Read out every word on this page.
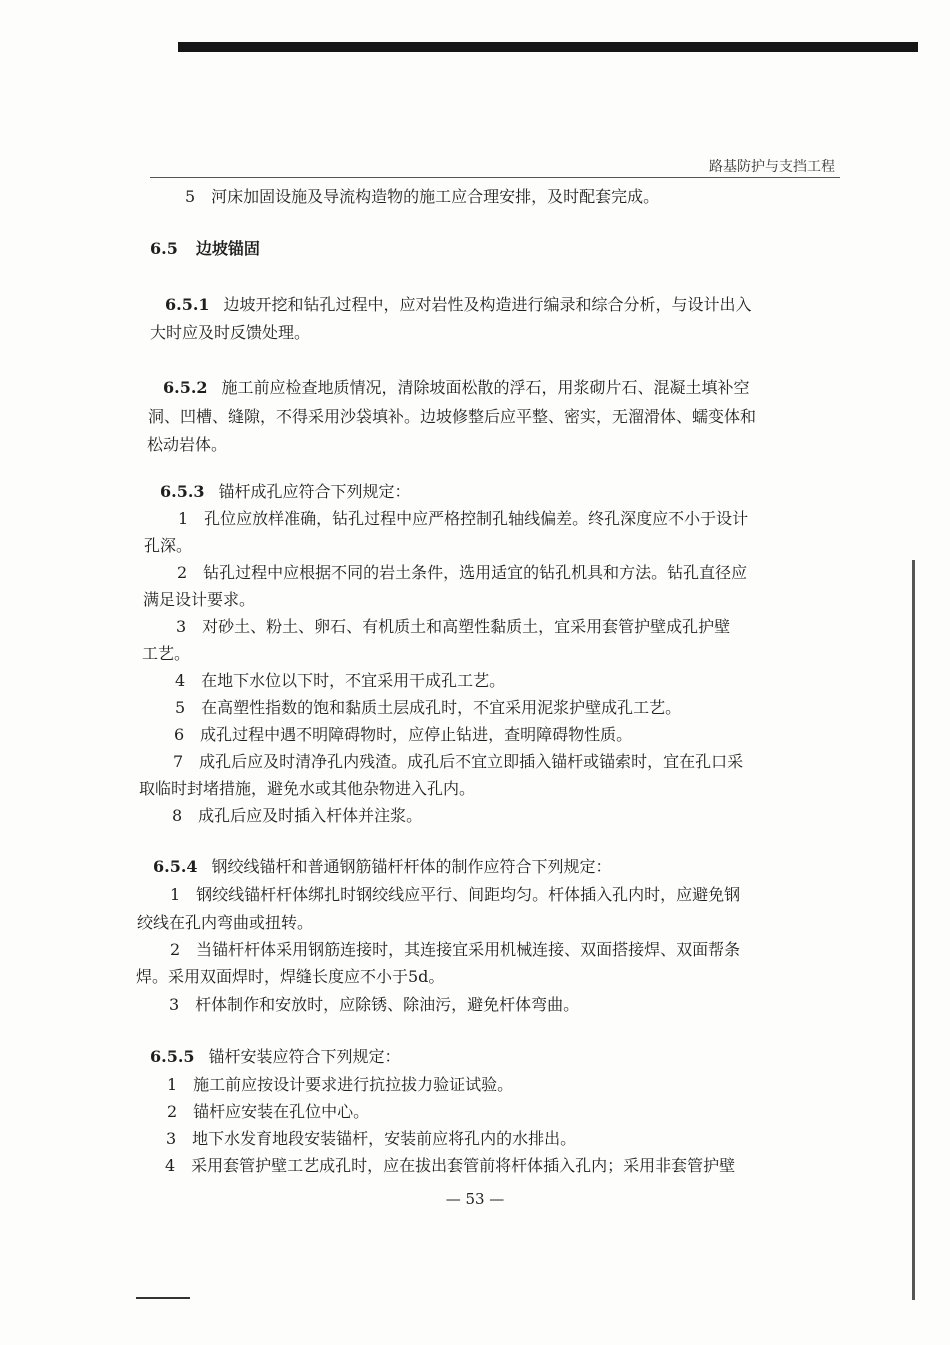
路基防护与支挡工程
5　河床加固设施及导流构造物的施工应合理安排，及时配套完成。
6.5 边坡锚固
6.5.1 边坡开挖和钻孔过程中，应对岩性及构造进行编录和综合分析，与设计出入
大时应及时反馈处理。
6.5.2 施工前应检查地质情况，清除坡面松散的浮石，用浆砌片石、混凝土填补空
洞、凹槽、缝隙，不得采用沙袋填补。边坡修整后应平整、密实，无溜滑体、蠕变体和
松动岩体。
6.5.3 锚杆成孔应符合下列规定：
1　孔位应放样准确，钻孔过程中应严格控制孔轴线偏差。终孔深度应不小于设计
孔深。
2　钻孔过程中应根据不同的岩土条件，选用适宜的钻孔机具和方法。钻孔直径应
满足设计要求。
3　对砂土、粉土、卵石、有机质土和高塑性黏质土，宜采用套管护壁成孔护壁
工艺。
4　在地下水位以下时，不宜采用干成孔工艺。
5　在高塑性指数的饱和黏质土层成孔时，不宜采用泥浆护壁成孔工艺。
6　成孔过程中遇不明障碍物时，应停止钻进，查明障碍物性质。
7　成孔后应及时清净孔内残渣。成孔后不宜立即插入锚杆或锚索时，宜在孔口采
取临时封堵措施，避免水或其他杂物进入孔内。
8　成孔后应及时插入杆体并注浆。
6.5.4 钢绞线锚杆和普通钢筋锚杆杆体的制作应符合下列规定：
1　钢绞线锚杆杆体绑扎时钢绞线应平行、间距均匀。杆体插入孔内时，应避免钢
绞线在孔内弯曲或扭转。
2　当锚杆杆体采用钢筋连接时，其连接宜采用机械连接、双面搭接焊、双面帮条
焊。采用双面焊时，焊缝长度应不小于5d。
3　杆体制作和安放时，应除锈、除油污，避免杆体弯曲。
6.5.5 锚杆安装应符合下列规定：
1　施工前应按设计要求进行抗拉拔力验证试验。
2　锚杆应安装在孔位中心。
3　地下水发育地段安装锚杆，安装前应将孔内的水排出。
4　采用套管护壁工艺成孔时，应在拔出套管前将杆体插入孔内；采用非套管护壁
— 53 —
